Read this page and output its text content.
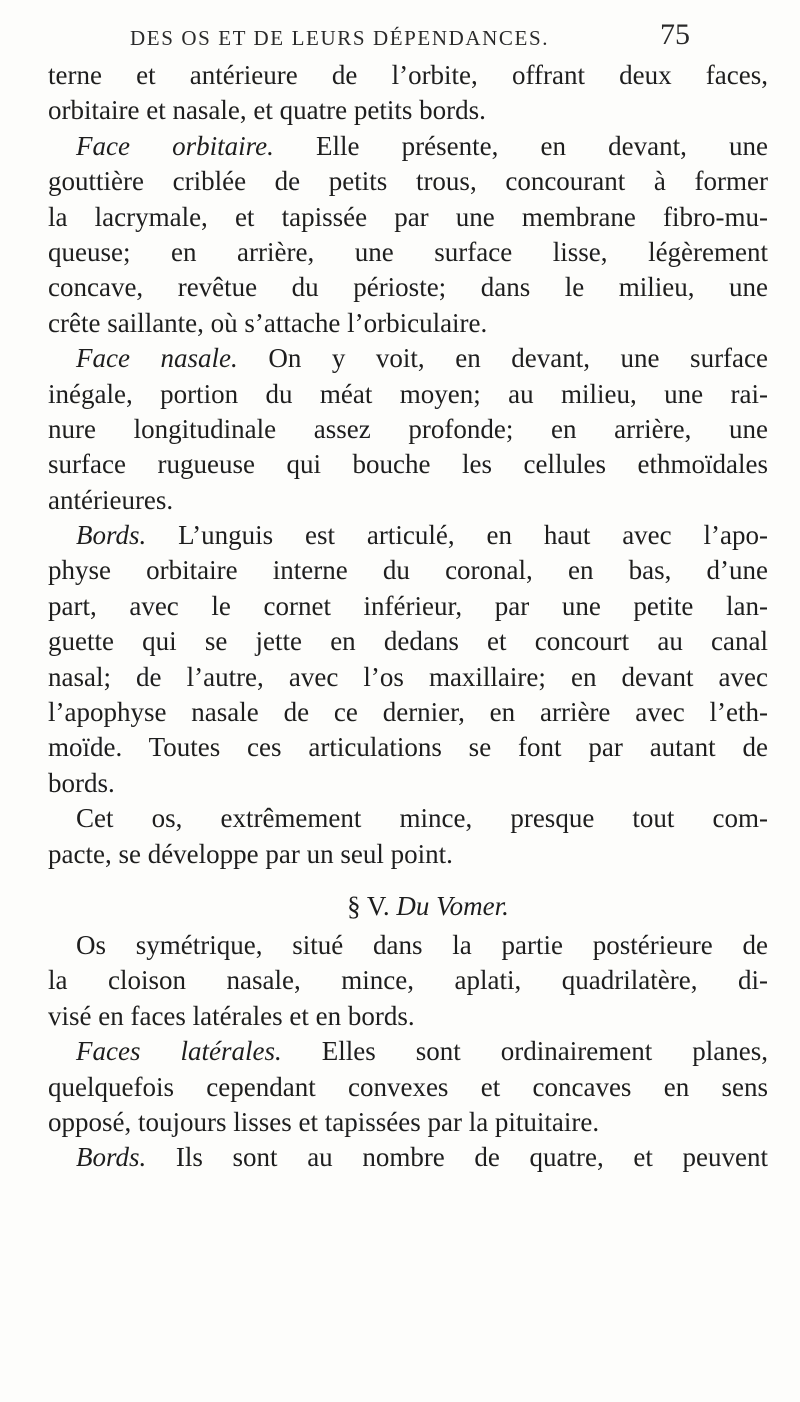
DES OS ET DE LEURS DÉPENDANCES.	75
terne et antérieure de l’orbite, offrant deux faces,
orbitaire et nasale, et quatre petits bords.
Face orbitaire. Elle présente, en devant, une
gouttière criblée de petits trous, concourant à former
la lacrymale, et tapissée par une membrane fibro-mu-
queuse; en arrière, une surface lisse, légèrement
concave, revêtue du périoste; dans le milieu, une
crête saillante, où s’attache l’orbiculaire.
Face nasale. On y voit, en devant, une surface
inégale, portion du méat moyen; au milieu, une rai-
nure longitudinale assez profonde; en arrière, une
surface rugueuse qui bouche les cellules ethmoïdales
antérieures.
Bords. L’unguis est articulé, en haut avec l’apo-
physe orbitaire interne du coronal, en bas, d’une
part, avec le cornet inférieur, par une petite lan-
guette qui se jette en dedans et concourt au canal
nasal; de l’autre, avec l’os maxillaire; en devant avec
l’apophyse nasale de ce dernier, en arrière avec l’eth-
moïde. Toutes ces articulations se font par autant de
bords.
Cet os, extrêmement mince, presque tout com-
pacte, se développe par un seul point.
§ V. Du Vomer.
Os symétrique, situé dans la partie postérieure de
la cloison nasale, mince, aplati, quadrilatère, di-
visé en faces latérales et en bords.
Faces latérales. Elles sont ordinairement planes,
quelquefois cependant convexes et concaves en sens
opposé, toujours lisses et tapissées par la pituitaire.
Bords. Ils sont au nombre de quatre, et peuvent
